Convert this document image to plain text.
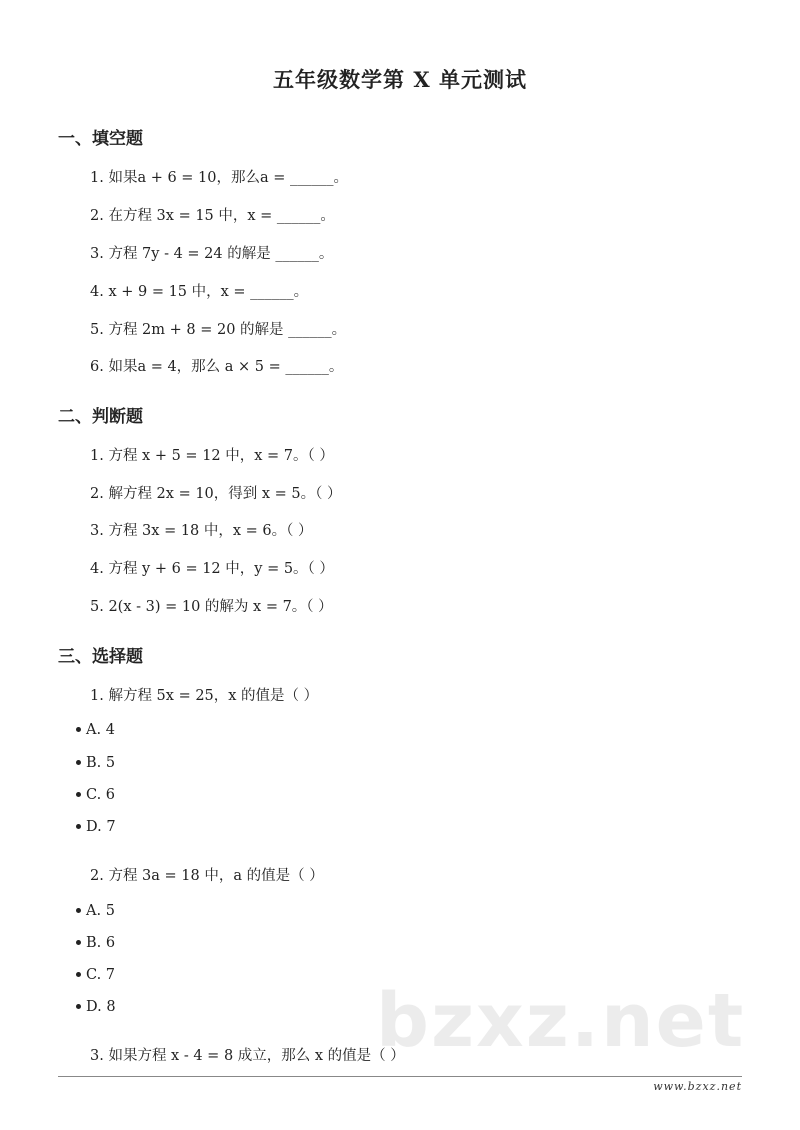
五年级数学第 X 单元测试
一、填空题
1. 如果a + 6 = 10，那么a = ______。
2. 在方程 3x = 15 中，x = ______。
3. 方程 7y - 4 = 24 的解是 ______。
4. x + 9 = 15 中，x = ______。
5. 方程 2m + 8 = 20 的解是 ______。
6. 如果a = 4，那么 a × 5 = ______。
二、判断题
1. 方程 x + 5 = 12 中，x = 7。（ ）
2. 解方程 2x = 10，得到 x = 5。（ ）
3. 方程 3x = 18 中，x = 6。（ ）
4. 方程 y + 6 = 12 中，y = 5。（ ）
5. 2(x - 3) = 10 的解为 x = 7。（ ）
三、选择题
1. 解方程 5x = 25，x 的值是（ ）
A. 4
B. 5
C. 6
D. 7
2. 方程 3a = 18 中，a 的值是（ ）
A. 5
B. 6
C. 7
D. 8	bzxz.net
3. 如果方程 x - 4 = 8 成立，那么 x 的值是（ ）
www.bzxz.net
